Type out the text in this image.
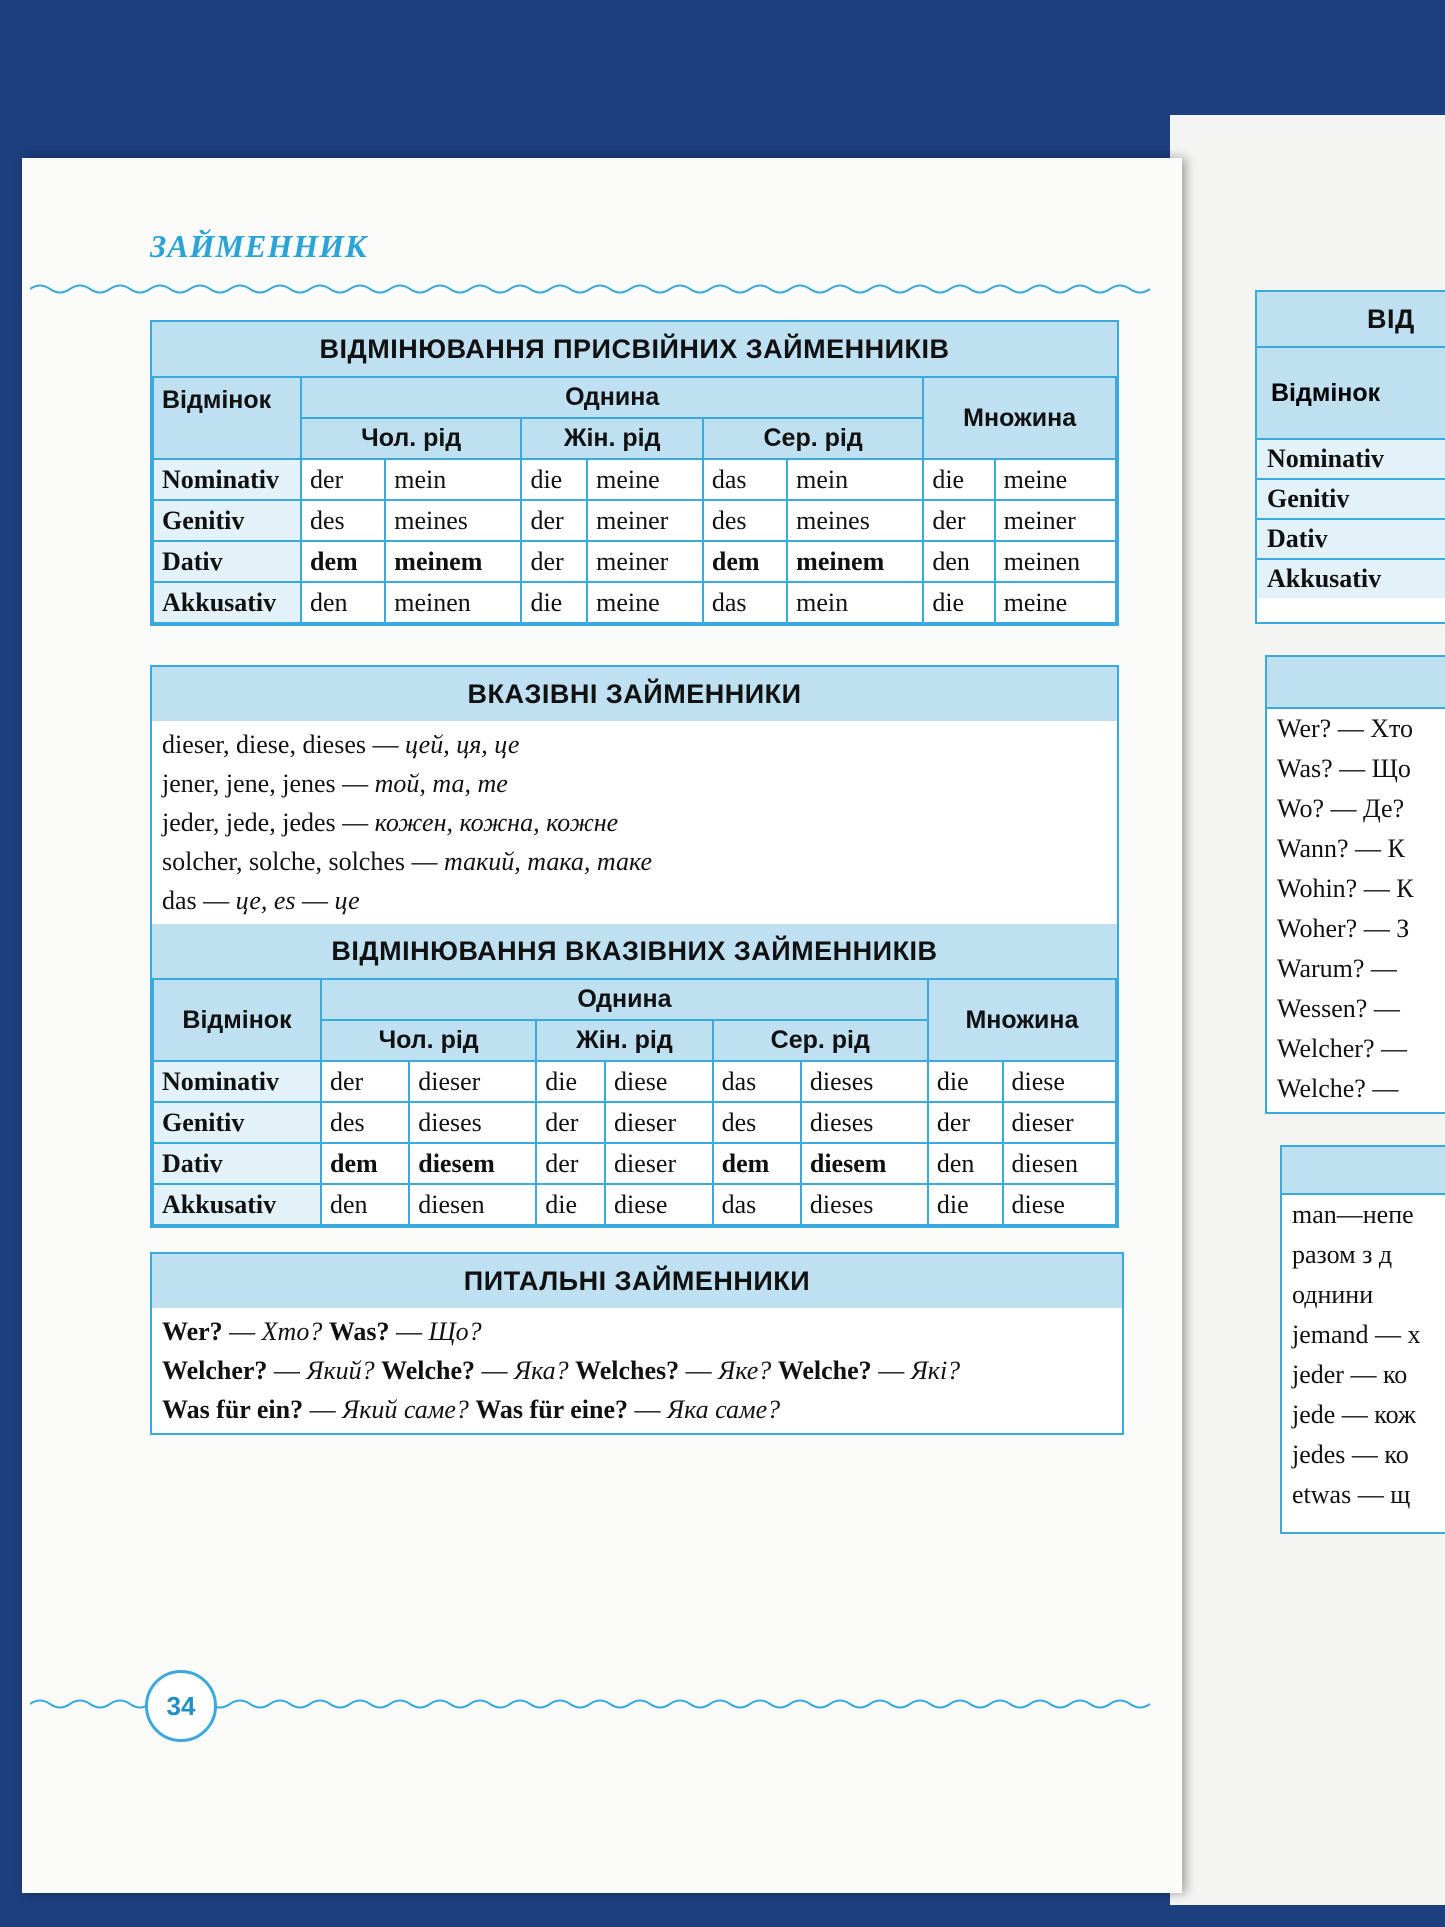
ЗАЙМЕННИК
ВІДМІНЮВАННЯ ПРИСВІЙНИХ ЗАЙМЕННИКІВ
Відмінок	Однина						Множина	
	Чол. рід		Жін. рід		Сер. рід			
Nominativ	der	mein	die	meine	das	mein	die	meine
Genitiv	des	meines	der	meiner	des	meines	der	meiner
Dativ	dem	meinem	der	meiner	dem	meinem	den	meinen
Akkusativ	den	meinen	die	meine	das	mein	die	meine
ВКАЗІВНІ ЗАЙМЕННИКИ
dieser, diese, dieses — цей, ця, це
jener, jene, jenes — той, та, те
jeder, jede, jedes — кожен, кожна, кожне
solcher, solche, solches — такий, така, таке
das — це, es — це
ВІДМІНЮВАННЯ ВКАЗІВНИХ ЗАЙМЕННИКІВ
Відмінок	Однина						Множина	
	Чол. рід		Жін. рід		Сер. рід			
Nominativ	der	dieser	die	diese	das	dieses	die	diese
Genitiv	des	dieses	der	dieser	des	dieses	der	dieser
Dativ	dem	diesem	der	dieser	dem	diesem	den	diesen
Akkusativ	den	diesen	die	diese	das	dieses	die	diese
ПИТАЛЬНІ ЗАЙМЕННИКИ
Wer? — Хто? Was? — Що?
Welcher? — Який? Welche? — Яка? Welches? — Яке? Welche? — Які?
Was für ein? — Який саме? Was für eine? — Яка саме?
34
ВІД
Відмінок
Nominativ
Genitiv
Dativ
Akkusativ
Wer? — Хто
Was? — Що
Wo? — Де?
Wann? — К
Wohin? — К
Woher? — З
Warum? —
Wessen? —
Welcher? —
Welche? —
man—непе
разом з д
однини
jemand — х
jeder — ко
jede — кож
jedes — ко
etwas — щ
